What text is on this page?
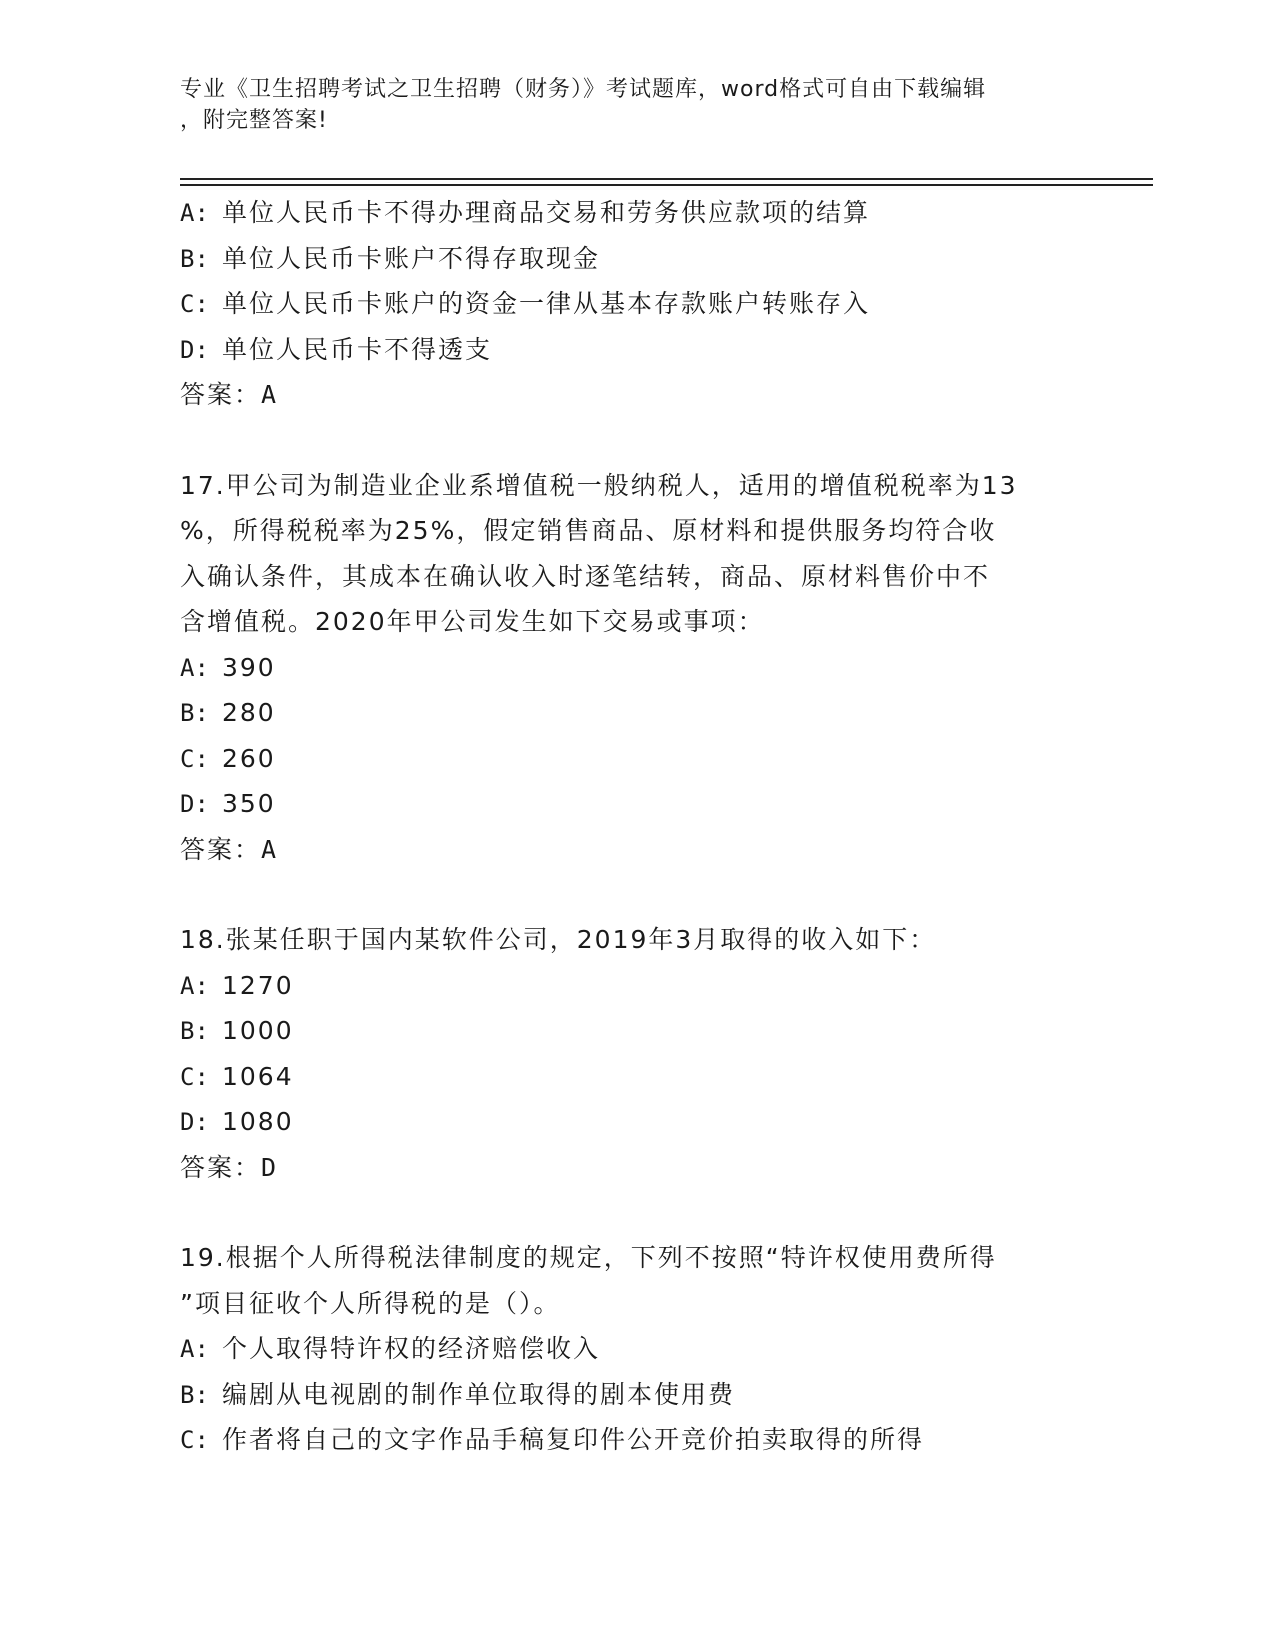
专业《卫生招聘考试之卫生招聘（财务）》考试题库，word格式可自由下载编辑
，附完整答案!
A: 单位人民币卡不得办理商品交易和劳务供应款项的结算
B: 单位人民币卡账户不得存取现金
C: 单位人民币卡账户的资金一律从基本存款账户转账存入
D: 单位人民币卡不得透支
答案：A
17.甲公司为制造业企业系增值税一般纳税人，适用的增值税税率为13
%，所得税税率为25%，假定销售商品、原材料和提供服务均符合收
入确认条件，其成本在确认收入时逐笔结转，商品、原材料售价中不
含增值税。2020年甲公司发生如下交易或事项：
A: 390
B: 280
C: 260
D: 350
答案：A
18.张某任职于国内某软件公司，2019年3月取得的收入如下：
A: 1270
B: 1000
C: 1064
D: 1080
答案：D
19.根据个人所得税法律制度的规定，下列不按照“特许权使用费所得
”项目征收个人所得税的是（）。
A: 个人取得特许权的经济赔偿收入
B: 编剧从电视剧的制作单位取得的剧本使用费
C: 作者将自己的文字作品手稿复印件公开竞价拍卖取得的所得
